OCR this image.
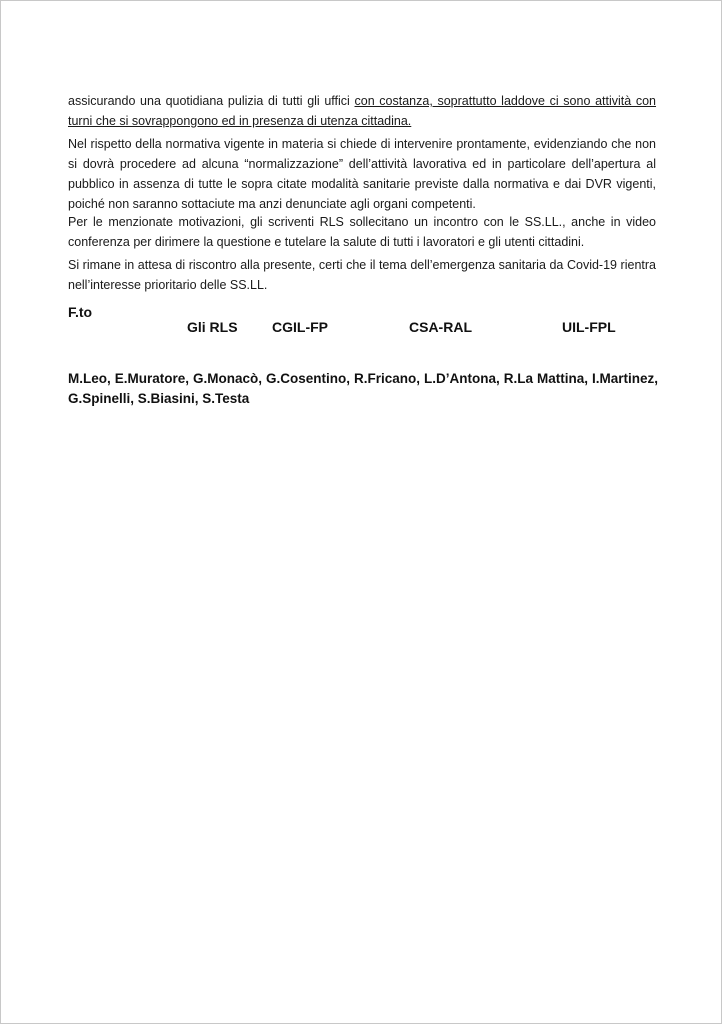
assicurando una quotidiana pulizia di tutti gli uffici con costanza, soprattutto laddove ci sono attività con turni che si sovrappongono ed in presenza di utenza cittadina.
Nel rispetto della normativa vigente in materia si chiede di intervenire prontamente, evidenziando che non si dovrà procedere ad alcuna “normalizzazione” dell’attività lavorativa ed in particolare dell’apertura al pubblico in assenza di tutte le sopra citate modalità sanitarie previste dalla normativa e dai DVR vigenti, poiché non saranno sottaciute ma anzi denunciate agli organi competenti.
Per le menzionate motivazioni, gli scriventi RLS sollecitano un incontro con le SS.LL., anche in video conferenza per dirimere la questione e tutelare la salute di tutti i lavoratori e gli utenti cittadini.
Si rimane in attesa di riscontro alla presente, certi che il tema dell’emergenza sanitaria da Covid-19 rientra nell’interesse prioritario delle SS.LL.
F.to
Gli RLS CGIL-FP	CSA-RAL	UIL-FPL
M.Leo, E.Muratore, G.Monacò, G.Cosentino, R.Fricano, L.D’Antona, R.La Mattina, I.Martinez, G.Spinelli, S.Biasini, S.Testa
